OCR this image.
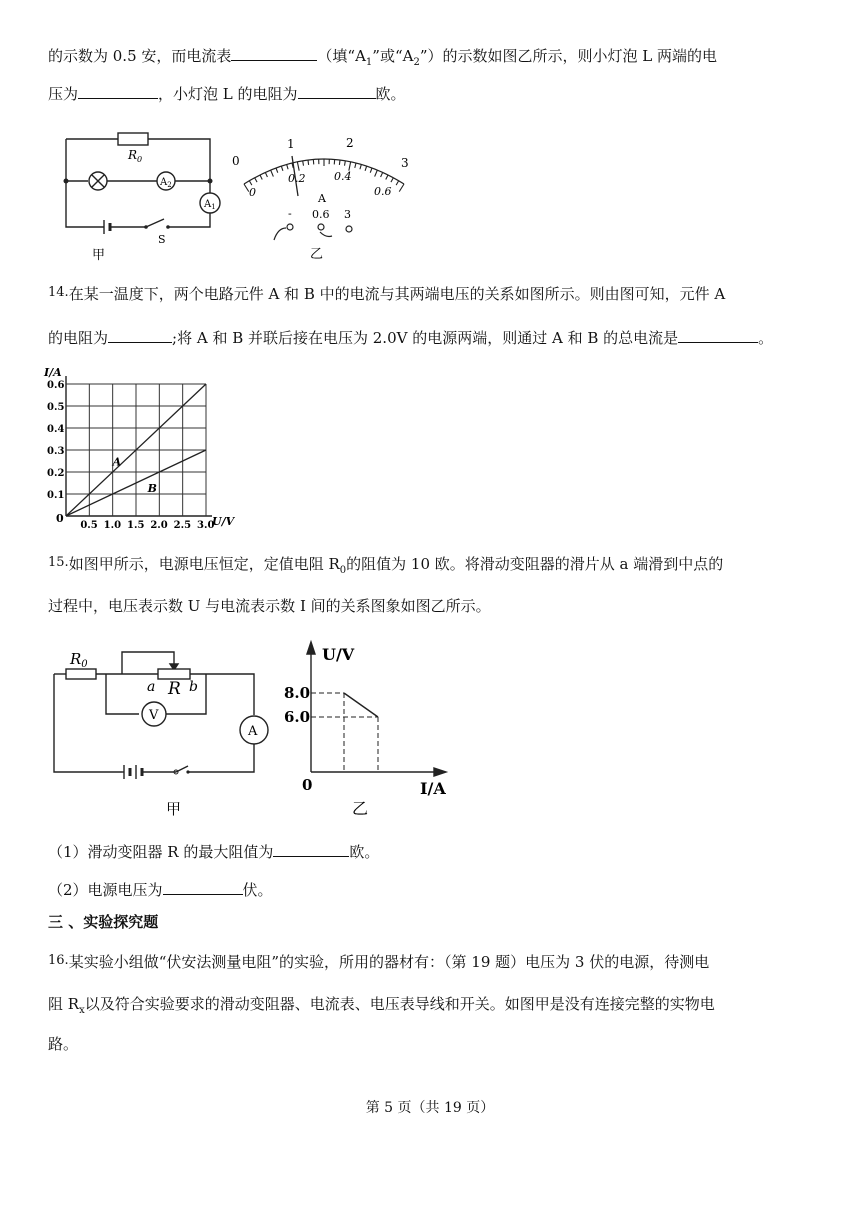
的示数为 0.5 安，而电流表	（填“$A_1$”或“$A_2$”）的示数如图乙所示，则小灯泡 L 两端的电
压为	，小灯泡 L 的电阻为	欧。
$R_0$
$A_2$
$A_1$
S
甲
0
1	2
3
0
0.2	0.4
0.6
A
- 0.6 3
乙
14.在某一温度下，两个电路元件 A 和 B 中的电流与其两端电压的关系如图所示。则由图可知，元件 A
的电阻为	;将 A 和 B 并联后接在电压为 2.0V 的电源两端，则通过 A 和 B 的总电流是	。
I/A
U/V
0
0.5 1.0 1.5 2.0 2.5 3.0
0.1
0.2
0.3
0.4
0.5
0.6
A
B
15.如图甲所示，电源电压恒定，定值电阻 $R_0$的阻值为 10 欧。将滑动变阻器的滑片从 a 端滑到中点的
过程中，电压表示数 U 与电流表示数 I 间的关系图象如图乙所示。
$R_0$
a R b
V
A
甲
U/V
8.0
6.0
0	I/A
乙
（1）滑动变阻器 R 的最大阻值为	欧。
（2）电源电压为	伏。
三 、实验探究题
16.某实验小组做“伏安法测量电阻”的实验，所用的器材有：（第 19 题）电压为 3 伏的电源，待测电
阻 $R_x$以及符合实验要求的滑动变阻器、电流表、电压表导线和开关。如图甲是没有连接完整的实物电
路。
第 5 页（共 19 页）
